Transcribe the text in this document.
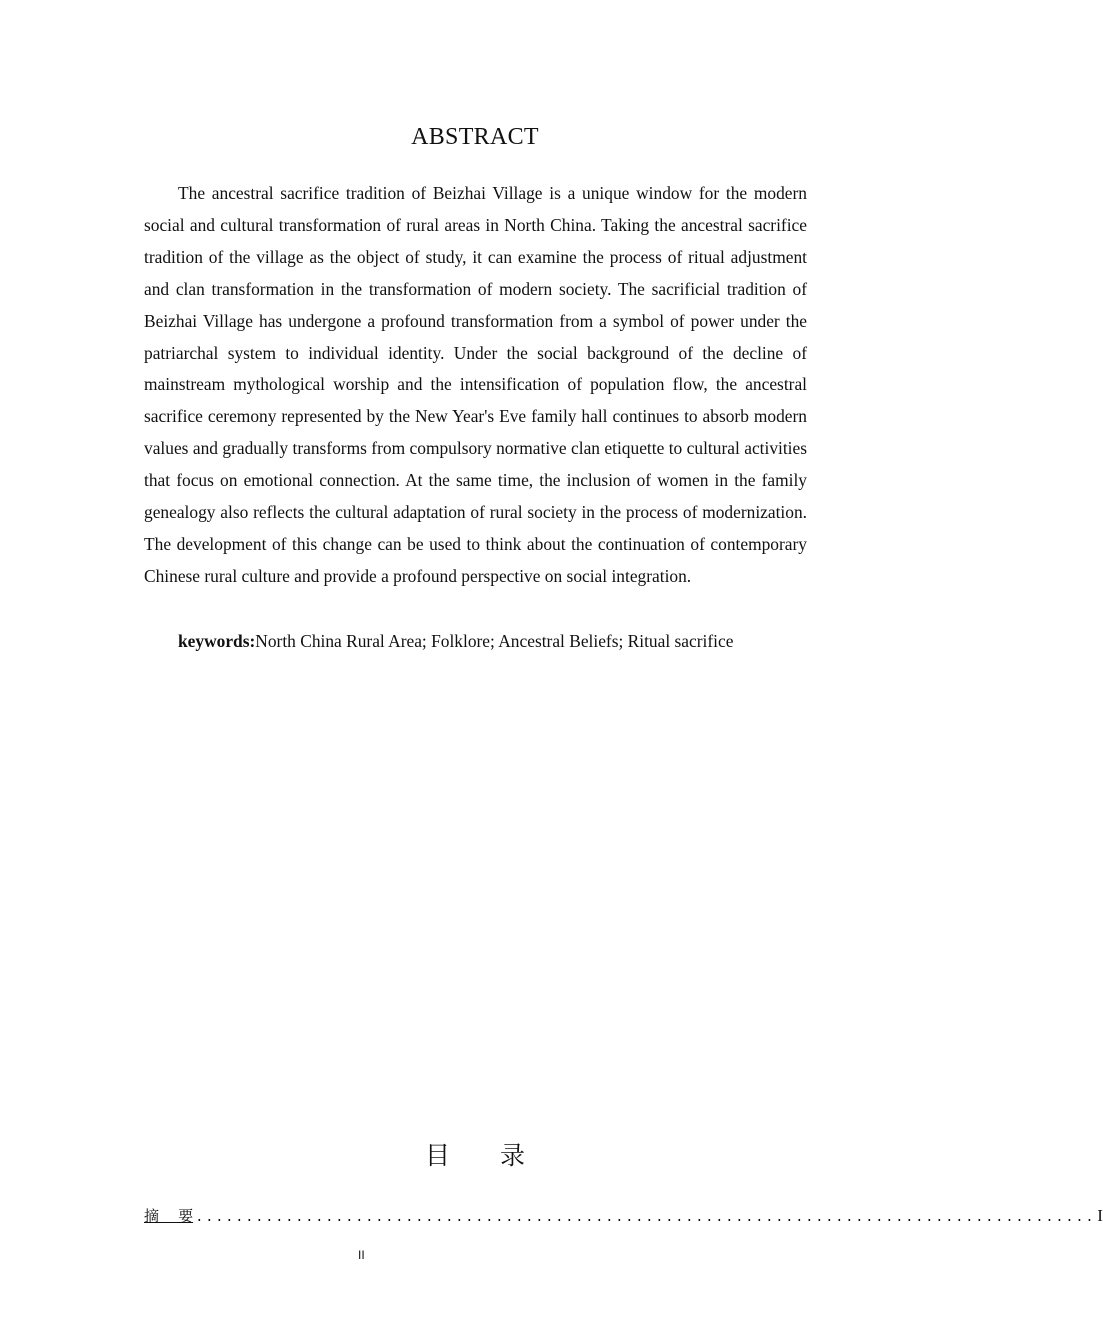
ABSTRACT

The ancestral sacrifice tradition of Beizhai Village is a unique window for the modern social and cultural transformation of rural areas in North China. Taking the ancestral sacrifice tradition of the village as the object of study, it can examine the process of ritual adjustment and clan transformation in the transformation of modern society. The sacrificial tradition of Beizhai Village has undergone a profound transformation from a symbol of power under the patriarchal system to individual identity. Under the social background of the decline of mainstream mythological worship and the intensification of population flow, the ancestral sacrifice ceremony represented by the New Year's Eve family hall continues to absorb modern values and gradually transforms from compulsory normative clan etiquette to cultural activities that focus on emotional connection. At the same time, the inclusion of women in the family genealogy also reflects the cultural adaptation of rural society in the process of modernization. The development of this change can be used to think about the continuation of contemporary Chinese rural culture and provide a profound perspective on social integration.

keywords:North China Rural Area; Folklore; Ancestral Beliefs; Ritual sacrifice
目 录
摘    要 .......................................................................................... I
II
